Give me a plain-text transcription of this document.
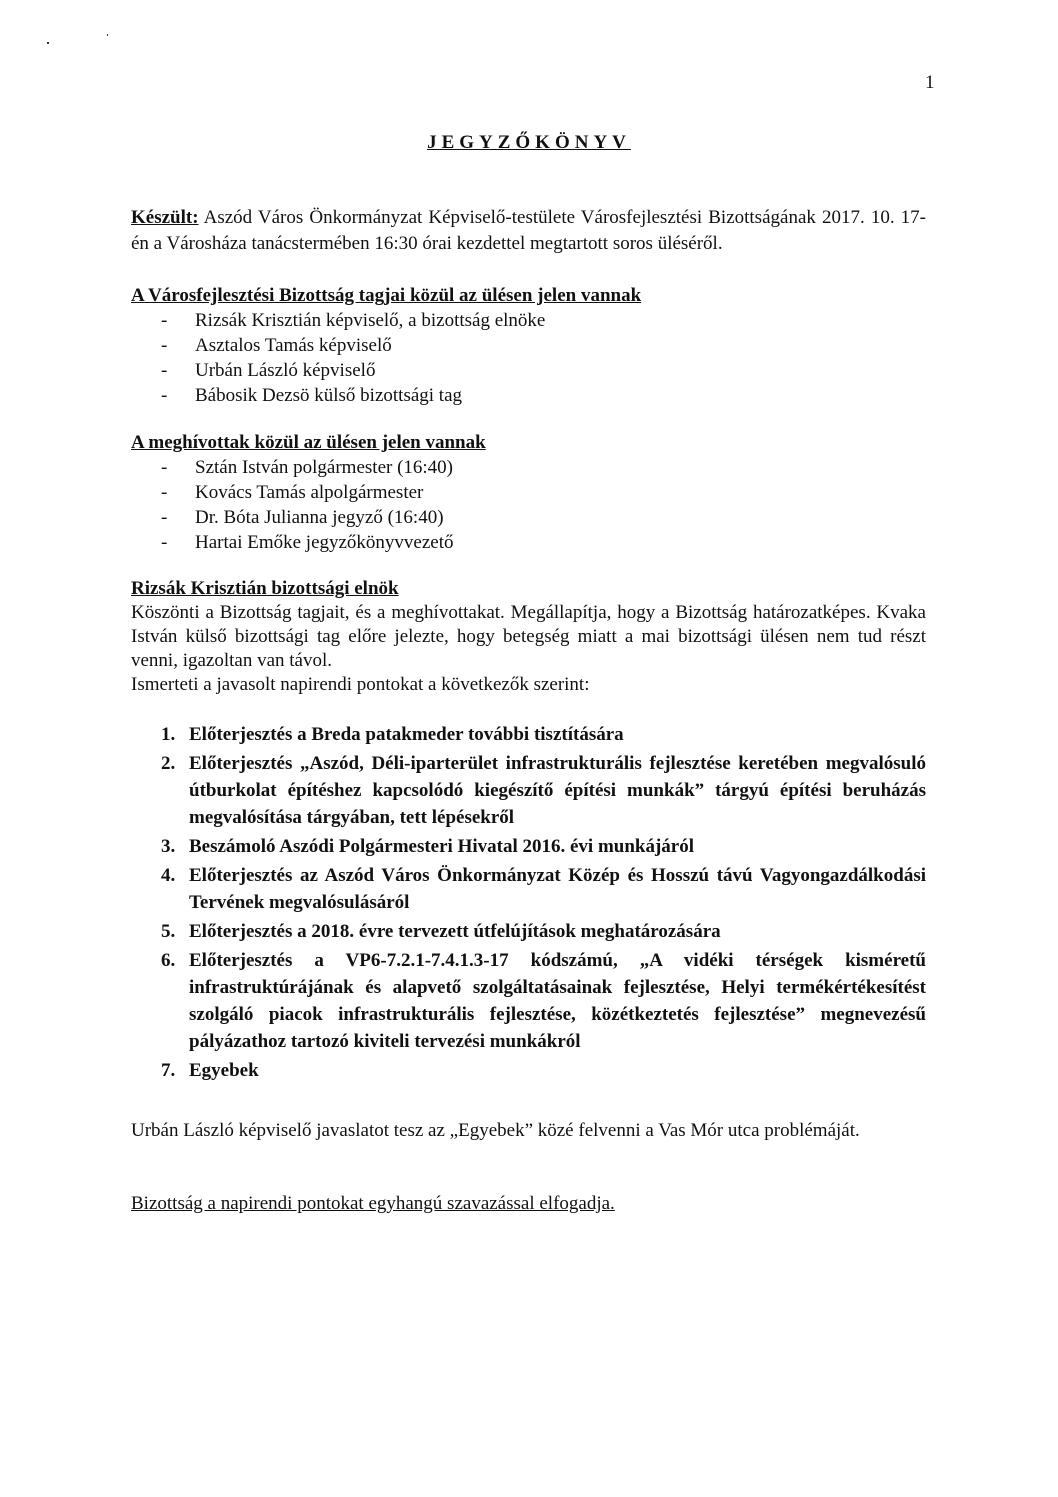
1
JEGYZŐKÖNYV
Készült: Aszód Város Önkormányzat Képviselő-testülete Városfejlesztési Bizottságának 2017. 10. 17-én a Városháza tanácstermében 16:30 órai kezdettel megtartott soros üléséről.
A Városfejlesztési Bizottság tagjai közül az ülésen jelen vannak
- Rizsák Krisztián képviselő, a bizottság elnöke
- Asztalos Tamás képviselő
- Urbán László képviselő
- Bábosik Dezsö külső bizottsági tag
A meghívottak közül az ülésen jelen vannak
- Sztán István polgármester (16:40)
- Kovács Tamás alpolgármester
- Dr. Bóta Julianna jegyző (16:40)
- Hartai Emőke jegyzőkönyvvezető
Rizsák Krisztián bizottsági elnök
Köszönti a Bizottság tagjait, és a meghívottakat. Megállapítja, hogy a Bizottság határozatképes. Kvaka István külső bizottsági tag előre jelezte, hogy betegség miatt a mai bizottsági ülésen nem tud részt venni, igazoltan van távol.
Ismerteti a javasolt napirendi pontokat a következők szerint:
1. Előterjesztés a Breda patakmeder további tisztítására
2. Előterjesztés „Aszód, Déli-iparterület infrastrukturális fejlesztése keretében megvalósuló útburkolat építéshez kapcsolódó kiegészítő építési munkák” tárgyú építési beruházás megvalósítása tárgyában, tett lépésekről
3. Beszámoló Aszódi Polgármesteri Hivatal 2016. évi munkájáról
4. Előterjesztés az Aszód Város Önkormányzat Közép és Hosszú távú Vagyongazdálkodási Tervének megvalósulásáról
5. Előterjesztés a 2018. évre tervezett útfelújítások meghatározására
6. Előterjesztés a VP6-7.2.1-7.4.1.3-17 kódszámú, „A vidéki térségek kisméretű infrastruktúrájának és alapvető szolgáltatásainak fejlesztése, Helyi termékértékesítést szolgáló piacok infrastrukturális fejlesztése, közétkeztetés fejlesztése” megnevezésű pályázathoz tartozó kiviteli tervezési munkákról
7. Egyebek
Urbán László képviselő javaslatot tesz az „Egyebek” közé felvenni a Vas Mór utca problémáját.
Bizottság a napirendi pontokat egyhangú szavazással elfogadja.
